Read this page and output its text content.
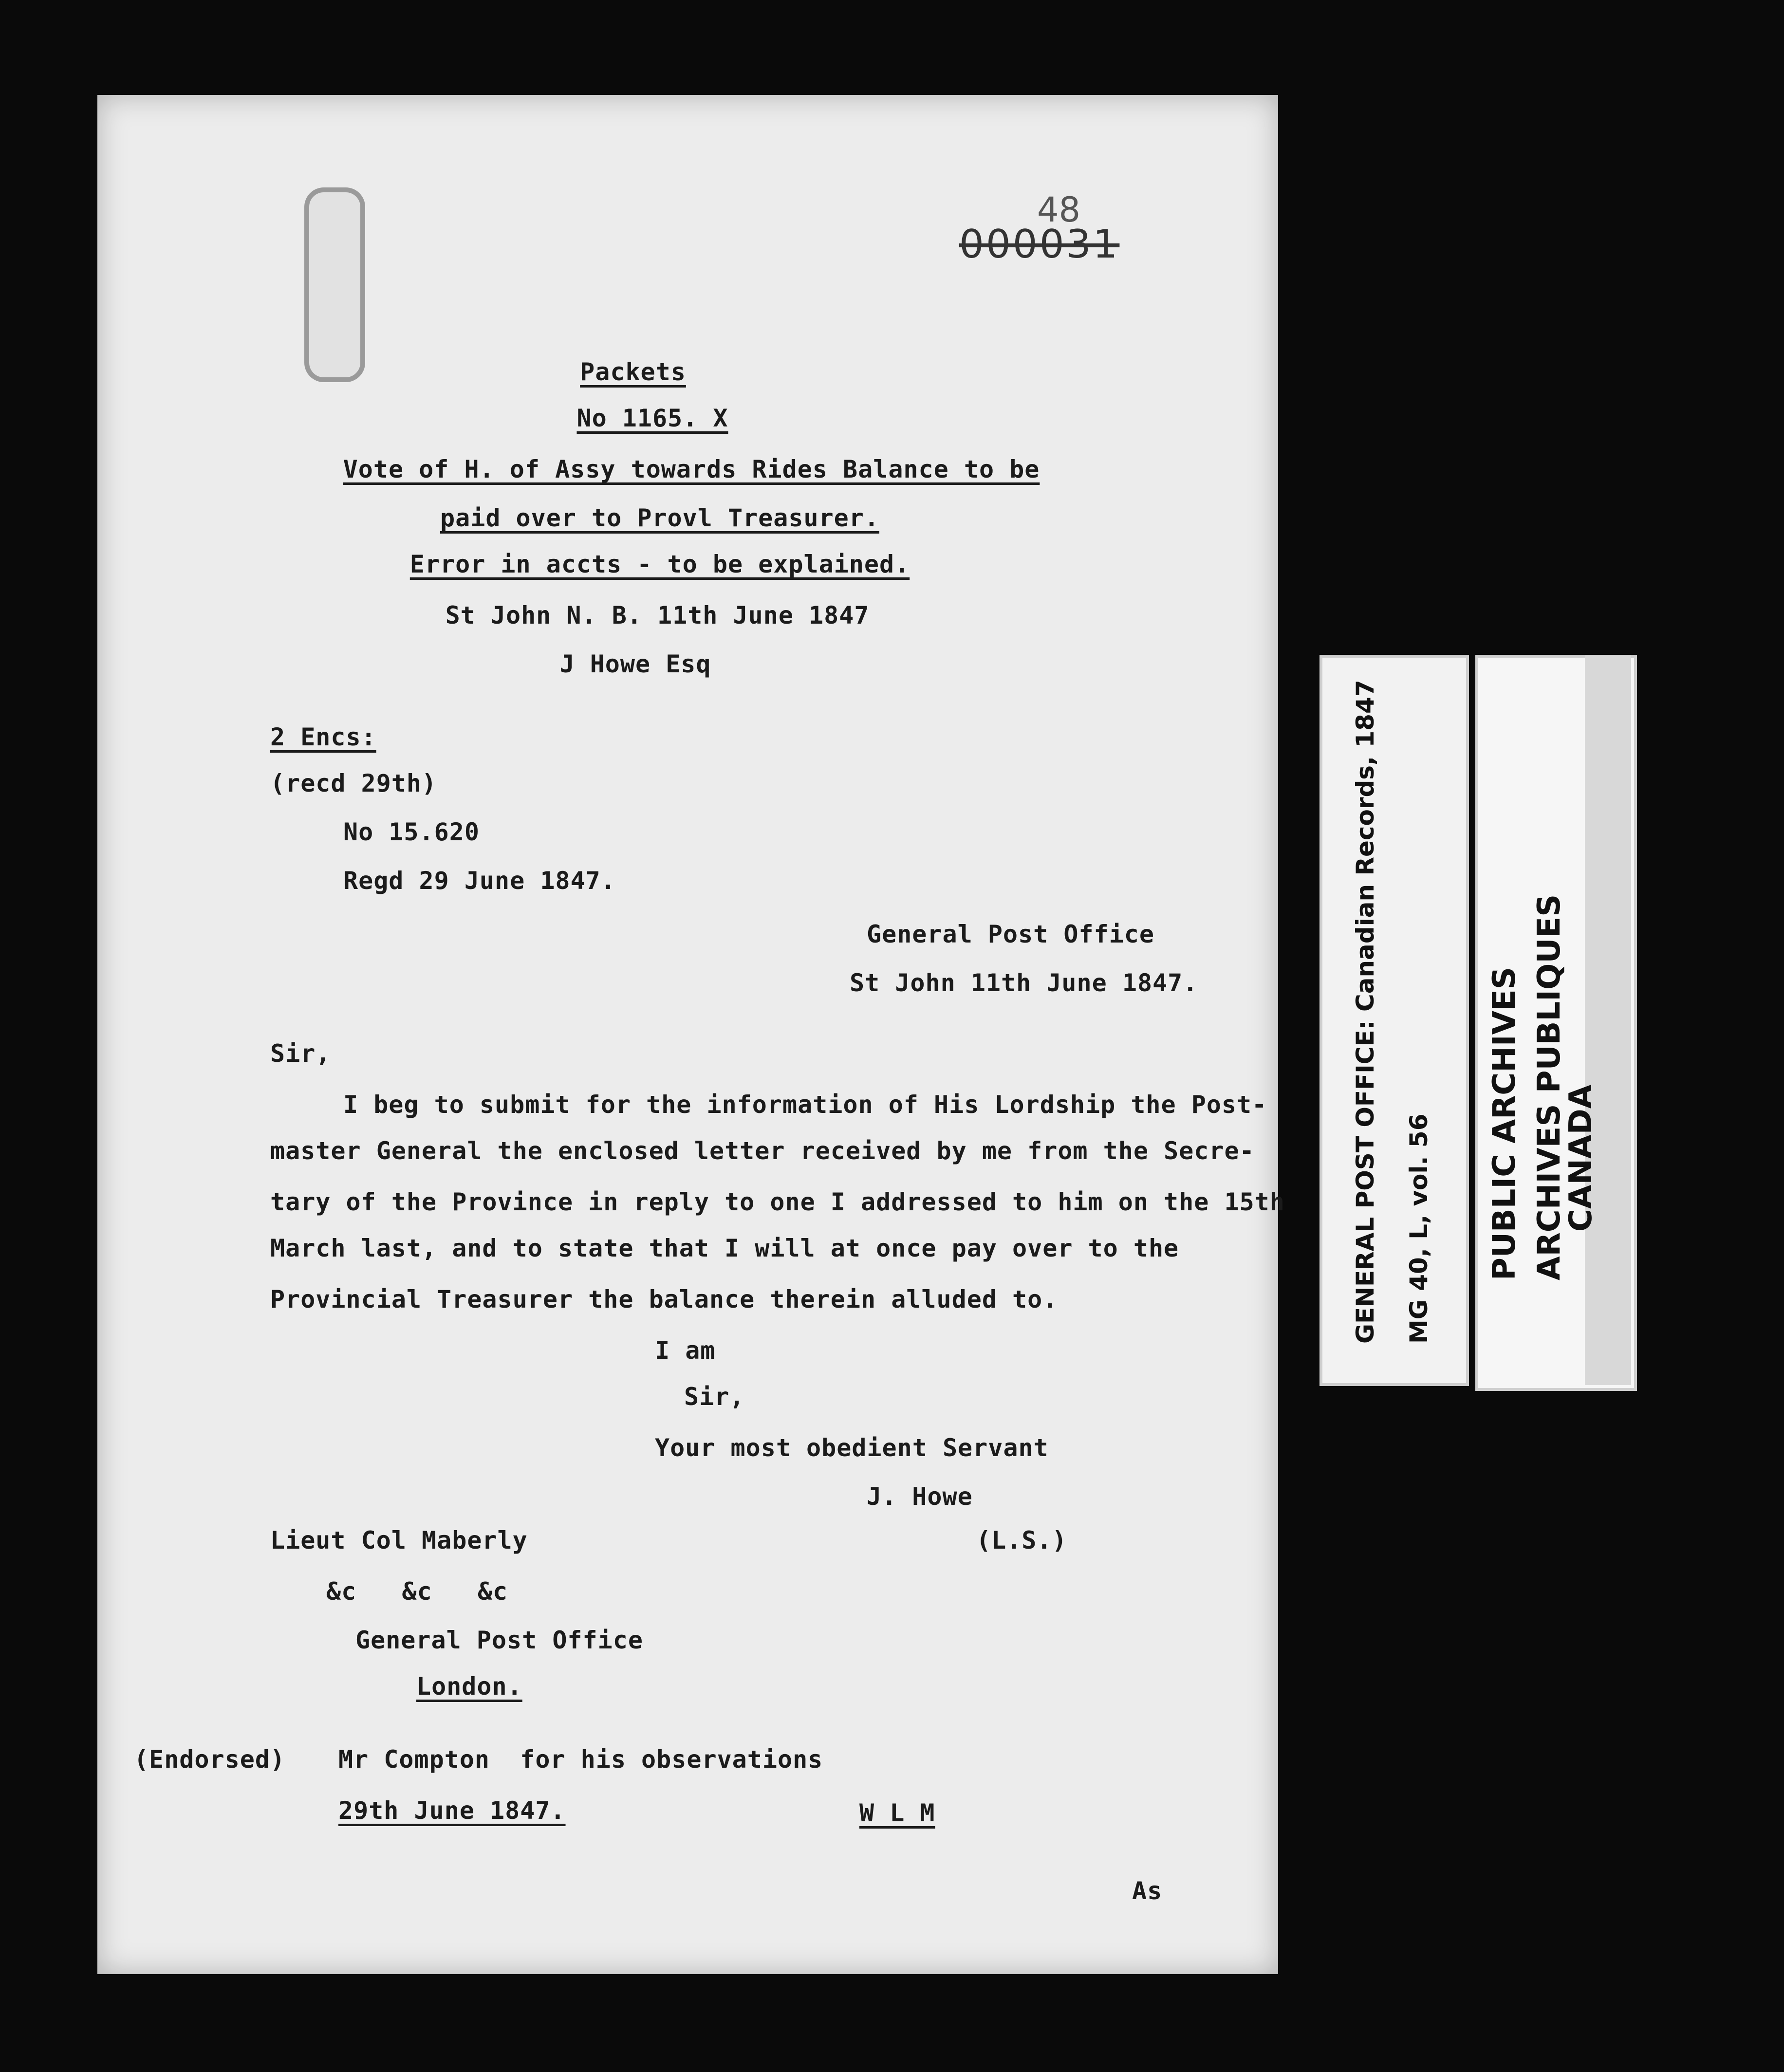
48
000031
Packets
No 1165. X
Vote of H. of Assy towards Rides Balance to be
paid over to Provl Treasurer.
Error in accts - to be explained.
St John N. B. 11th June 1847
J Howe Esq
2 Encs:
(recd 29th)
No 15.620
Regd 29 June 1847.
General Post Office
St John 11th June 1847.
Sir,
I beg to submit for the information of His Lordship the Post-
master General the enclosed letter received by me from the Secre-
tary of the Province in reply to one I addressed to him on the 15th
March last, and to state that I will at once pay over to the
Provincial Treasurer the balance therein alluded to.
I am
Sir,
Your most obedient Servant
J. Howe
(L.S.)
Lieut Col Maberly
&c   &c   &c
General Post Office
London.
(Endorsed) Mr Compton  for his observations
29th June 1847.	W L M
As
GENERAL POST OFFICE: Canadian Records, 1847 MG 40, L, vol. 56 PUBLIC ARCHIVES ARCHIVES PUBLIQUES
CANADA
